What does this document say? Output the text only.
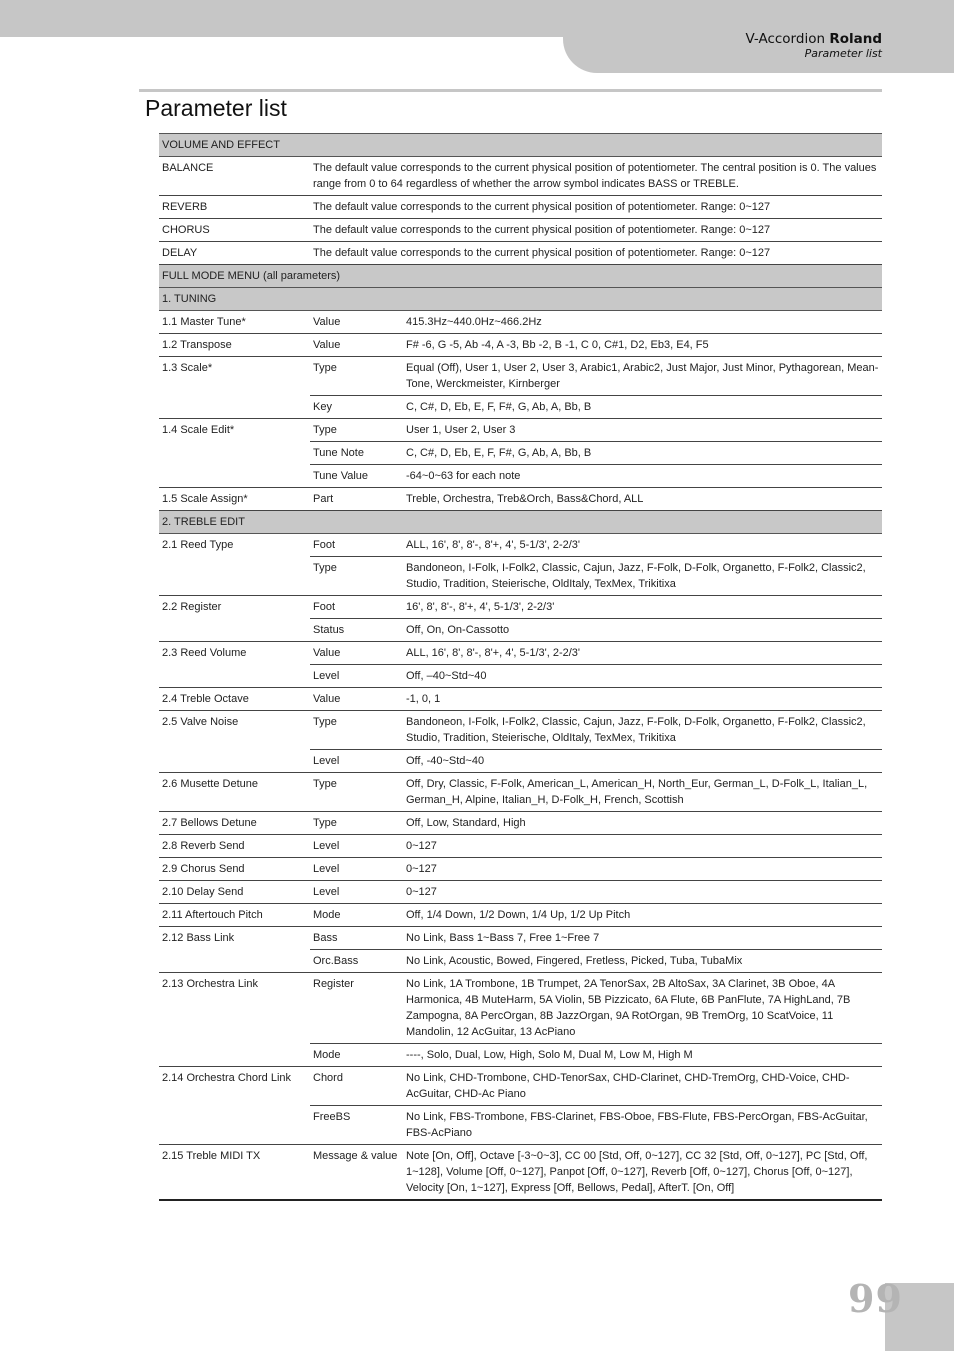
V-Accordion Roland
Parameter list
Parameter list
VOLUME AND EFFECT		
BALANCE	The default value corresponds to the current physical position of potentiometer. The central position is 0. The values range from 0 to 64 regardless of whether the arrow symbol indicates BASS or TREBLE.	
REVERB	The default value corresponds to the current physical position of potentiometer. Range: 0~127	
CHORUS	The default value corresponds to the current physical position of potentiometer. Range: 0~127	
DELAY	The default value corresponds to the current physical position of potentiometer. Range: 0~127	
FULL MODE MENU (all parameters)		
1. TUNING		
1.1 Master Tune*	Value	415.3Hz~440.0Hz~466.2Hz
1.2 Transpose	Value	F# -6, G -5, Ab -4, A -3, Bb -2, B -1, C 0, C#1, D2, Eb3, E4, F5
1.3 Scale*	Type	Equal (Off), User 1, User 2, User 3, Arabic1, Arabic2, Just Major, Just Minor, Pythagorean, Mean-Tone, Werckmeister, Kirnberger
	Key	C, C#, D, Eb, E, F, F#, G, Ab, A, Bb, B
1.4 Scale Edit*	Type	User 1, User 2, User 3
	Tune Note	C, C#, D, Eb, E, F, F#, G, Ab, A, Bb, B
	Tune Value	-64~0~63 for each note
1.5 Scale Assign*	Part	Treble, Orchestra, Treb&Orch, Bass&Chord, ALL
2. TREBLE EDIT		
2.1 Reed Type	Foot	ALL, 16', 8', 8'-, 8'+, 4', 5-1/3', 2-2/3'
	Type	Bandoneon, I-Folk, I-Folk2, Classic, Cajun, Jazz, F-Folk, D-Folk, Organetto, F-Folk2, Classic2, Studio, Tradition, Steierische, OldItaly, TexMex, Trikitixa
2.2 Register	Foot	16', 8', 8'-, 8'+, 4', 5-1/3', 2-2/3'
	Status	Off, On, On-Cassotto
2.3 Reed Volume	Value	ALL, 16', 8', 8'-, 8'+, 4', 5-1/3', 2-2/3'
	Level	Off, –40~Std~40
2.4 Treble Octave	Value	-1, 0, 1
2.5 Valve Noise	Type	Bandoneon, I-Folk, I-Folk2, Classic, Cajun, Jazz, F-Folk, D-Folk, Organetto, F-Folk2, Classic2, Studio, Tradition, Steierische, OldItaly, TexMex, Trikitixa
	Level	Off, -40~Std~40
2.6 Musette Detune	Type	Off, Dry, Classic, F-Folk, American_L, American_H, North_Eur, German_L, D-Folk_L, Italian_L, German_H, Alpine, Italian_H, D-Folk_H, French, Scottish
2.7 Bellows Detune	Type	Off, Low, Standard, High
2.8 Reverb Send	Level	0~127
2.9 Chorus Send	Level	0~127
2.10 Delay Send	Level	0~127
2.11 Aftertouch Pitch	Mode	Off, 1/4 Down, 1/2 Down, 1/4 Up, 1/2 Up Pitch
2.12 Bass Link	Bass	No Link, Bass 1~Bass 7, Free 1~Free 7
	Orc.Bass	No Link, Acoustic, Bowed, Fingered, Fretless, Picked, Tuba, TubaMix
2.13 Orchestra Link	Register	No Link, 1A Trombone, 1B Trumpet, 2A TenorSax, 2B AltoSax, 3A Clarinet, 3B Oboe, 4A Harmonica, 4B MuteHarm, 5A Violin, 5B Pizzicato, 6A Flute, 6B PanFlute, 7A HighLand, 7B Zampogna, 8A PercOrgan, 8B JazzOrgan, 9A RotOrgan, 9B TremOrg, 10 ScatVoice, 11 Mandolin, 12 AcGuitar, 13 AcPiano
	Mode	----, Solo, Dual, Low, High, Solo M, Dual M, Low M, High M
2.14 Orchestra Chord Link	Chord	No Link, CHD-Trombone, CHD-TenorSax, CHD-Clarinet, CHD-TremOrg, CHD-Voice, CHD-AcGuitar, CHD-Ac Piano
	FreeBS	No Link, FBS-Trombone, FBS-Clarinet, FBS-Oboe, FBS-Flute, FBS-PercOrgan, FBS-AcGuitar, FBS-AcPiano
2.15 Treble MIDI TX	Message & value	Note [On, Off], Octave [-3~0~3], CC 00 [Std, Off, 0~127], CC 32 [Std, Off, 0~127], PC [Std, Off, 1~128], Volume [Off, 0~127], Panpot [Off, 0~127], Reverb [Off, 0~127], Chorus [Off, 0~127], Velocity [On, 1~127], Express [Off, Bellows, Pedal], AfterT. [On, Off]
99
